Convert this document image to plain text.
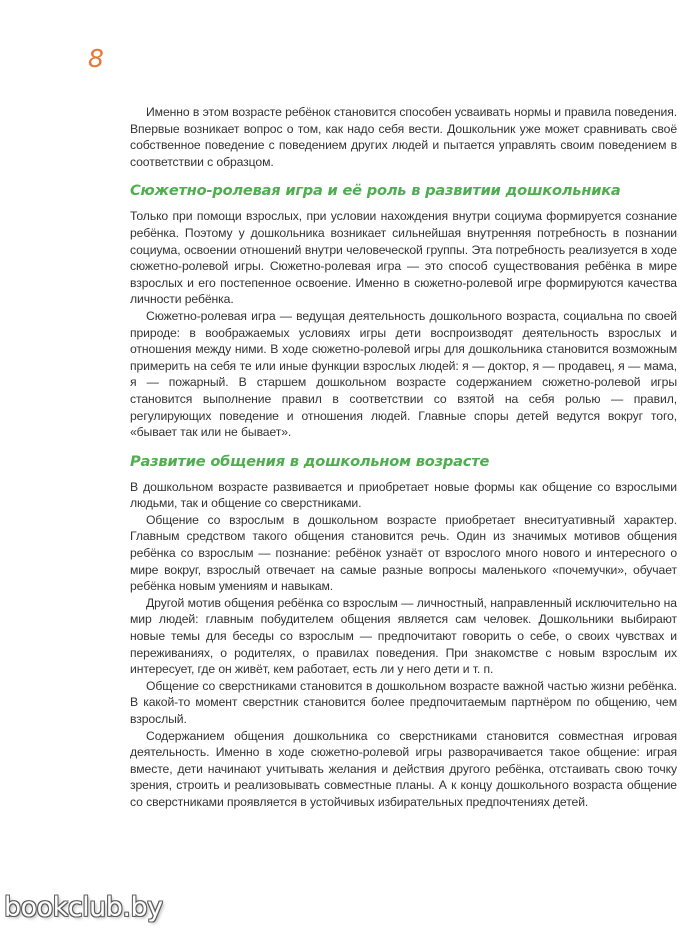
8

Именно в этом возрасте ребёнок становится способен усваивать нормы и правила поведения. Впервые возникает вопрос о том, как надо себя вести. Дошкольник уже может сравнивать своё собственное поведение с поведением других людей и пытается управлять своим поведением в соответствии с образцом.

Сюжетно-ролевая игра и её роль в развитии дошкольника

Только при помощи взрослых, при условии нахождения внутри социума формируется сознание ребёнка. Поэтому у дошкольника возникает сильнейшая внутренняя потребность в познании социума, освоении отношений внутри человеческой группы. Эта потребность реализуется в ходе сюжетно-ролевой игры. Сюжетно-ролевая игра — это способ существования ребёнка в мире взрослых и его постепенное освоение. Именно в сюжетно-ролевой игре формируются качества личности ребёнка.

Сюжетно-ролевая игра — ведущая деятельность дошкольного возраста, социальна по своей природе: в воображаемых условиях игры дети воспроизводят деятельность взрослых и отношения между ними. В ходе сюжетно-ролевой игры для дошкольника становится возможным примерить на себя те или иные функции взрослых людей: я — доктор, я — продавец, я — мама, я — пожарный. В старшем дошкольном возрасте содержанием сюжетно-ролевой игры становится выполнение правил в соответствии со взятой на себя ролью — правил, регулирующих поведение и отношения людей. Главные споры детей ведутся вокруг того, «бывает так или не бывает».

Развитие общения в дошкольном возрасте

В дошкольном возрасте развивается и приобретает новые формы как общение со взрослыми людьми, так и общение со сверстниками.

Общение со взрослым в дошкольном возрасте приобретает внеситуативный характер. Главным средством такого общения становится речь. Один из значимых мотивов общения ребёнка со взрослым — познание: ребёнок узнаёт от взрослого много нового и интересного о мире вокруг, взрослый отвечает на самые разные вопросы маленького «почемучки», обучает ребёнка новым умениям и навыкам.

Другой мотив общения ребёнка со взрослым — личностный, направленный исключительно на мир людей: главным побудителем общения является сам человек. Дошкольники выбирают новые темы для беседы со взрослым — предпочитают говорить о себе, о своих чувствах и переживаниях, о родителях, о правилах поведения. При знакомстве с новым взрослым их интересует, где он живёт, кем работает, есть ли у него дети и т. п.

Общение со сверстниками становится в дошкольном возрасте важной частью жизни ребёнка. В какой-то момент сверстник становится более предпочитаемым партнёром по общению, чем взрослый.

Содержанием общения дошкольника со сверстниками становится совместная игровая деятельность. Именно в ходе сюжетно-ролевой игры разворачивается такое общение: играя вместе, дети начинают учитывать желания и действия другого ребёнка, отстаивать свою точку зрения, строить и реализовывать совместные планы. А к концу дошкольного возраста общение со сверстниками проявляется в устойчивых избирательных предпочтениях детей.

bookclub.by
